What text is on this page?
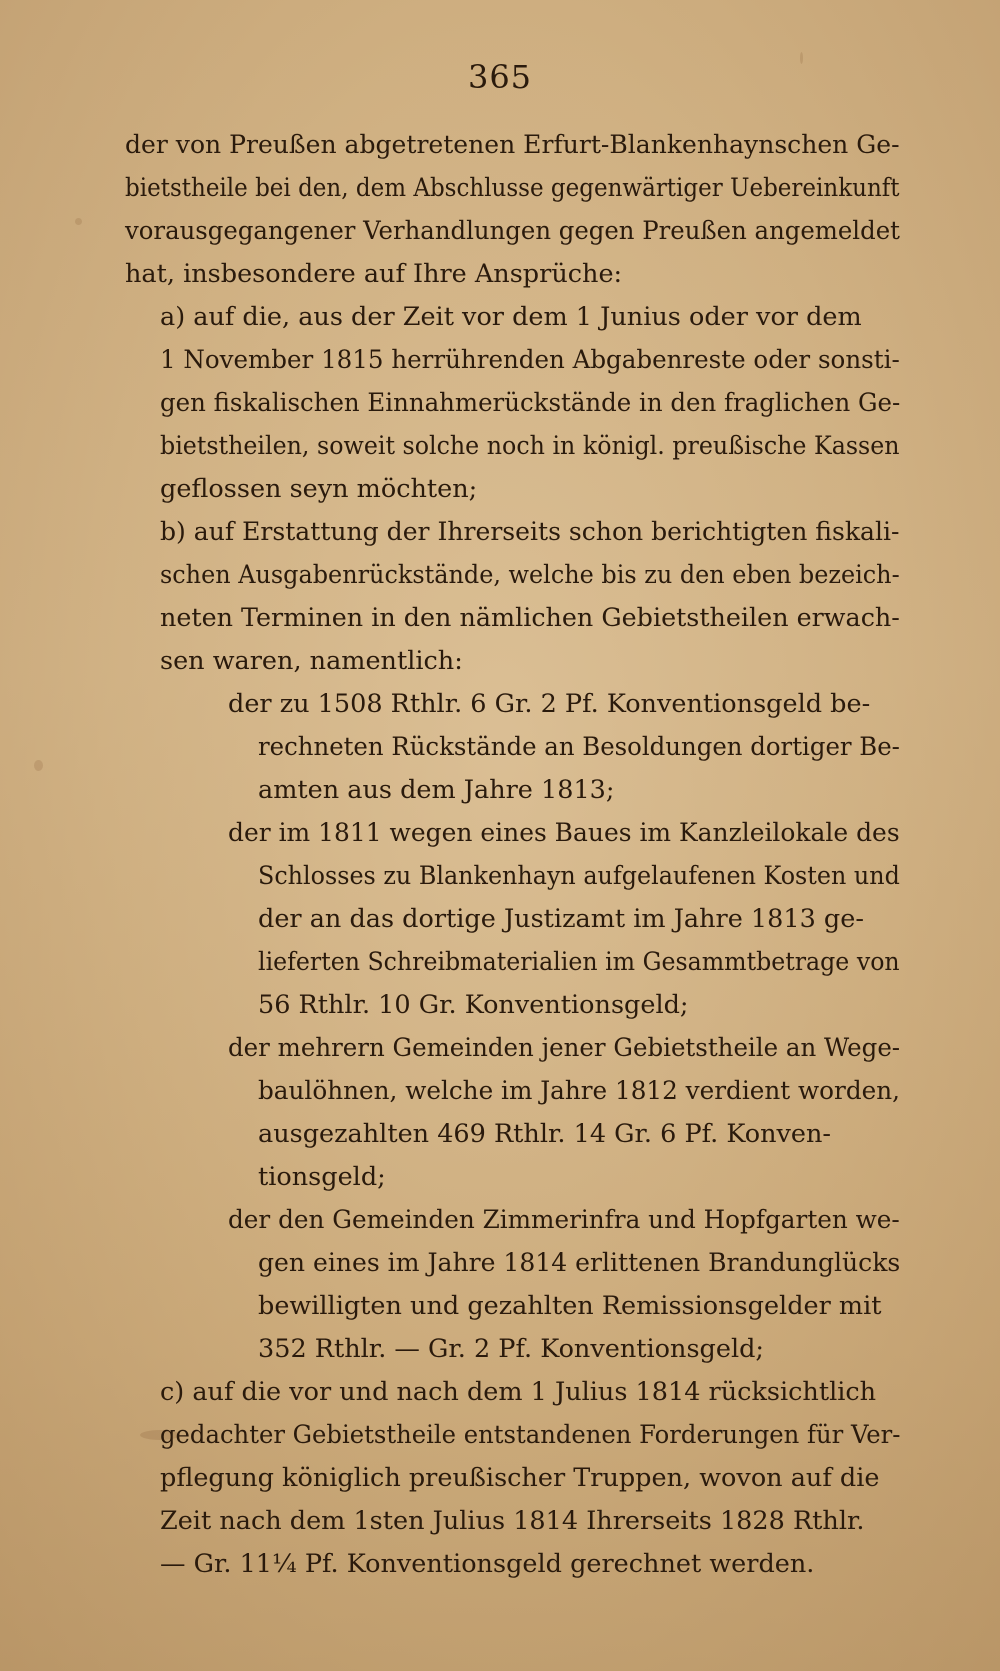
365
der von Preußen abgetretenen Erfurt-Blankenhaynschen Ge-
bietstheile bei den, dem Abschlusse gegenwärtiger Uebereinkunft
vorausgegangener Verhandlungen gegen Preußen angemeldet
hat, insbesondere auf Ihre Ansprüche:
a) auf die, aus der Zeit vor dem 1 Junius oder vor dem
1 November 1815 herrührenden Abgabenreste oder sonsti-
gen fiskalischen Einnahmerückstände in den fraglichen Ge-
bietstheilen, soweit solche noch in königl. preußische Kassen
geflossen seyn möchten;
b) auf Erstattung der Ihrerseits schon berichtigten fiskali-
schen Ausgabenrückstände, welche bis zu den eben bezeich-
neten Terminen in den nämlichen Gebietstheilen erwach-
sen waren, namentlich:
der zu 1508 Rthlr. 6 Gr. 2 Pf. Konventionsgeld be-
rechneten Rückstände an Besoldungen dortiger Be-
amten aus dem Jahre 1813;
der im 1811 wegen eines Baues im Kanzleilokale des
Schlosses zu Blankenhayn aufgelaufenen Kosten und
der an das dortige Justizamt im Jahre 1813 ge-
lieferten Schreibmaterialien im Gesammtbetrage von
56 Rthlr. 10 Gr. Konventionsgeld;
der mehrern Gemeinden jener Gebietstheile an Wege-
baulöhnen, welche im Jahre 1812 verdient worden,
ausgezahlten 469 Rthlr. 14 Gr. 6 Pf. Konven-
tionsgeld;
der den Gemeinden Zimmerinfra und Hopfgarten we-
gen eines im Jahre 1814 erlittenen Brandunglücks
bewilligten und gezahlten Remissionsgelder mit
352 Rthlr. — Gr. 2 Pf. Konventionsgeld;
c) auf die vor und nach dem 1 Julius 1814 rücksichtlich
gedachter Gebietstheile entstandenen Forderungen für Ver-
pflegung königlich preußischer Truppen, wovon auf die
Zeit nach dem 1sten Julius 1814 Ihrerseits 1828 Rthlr.
— Gr. 11¼ Pf. Konventionsgeld gerechnet werden.
